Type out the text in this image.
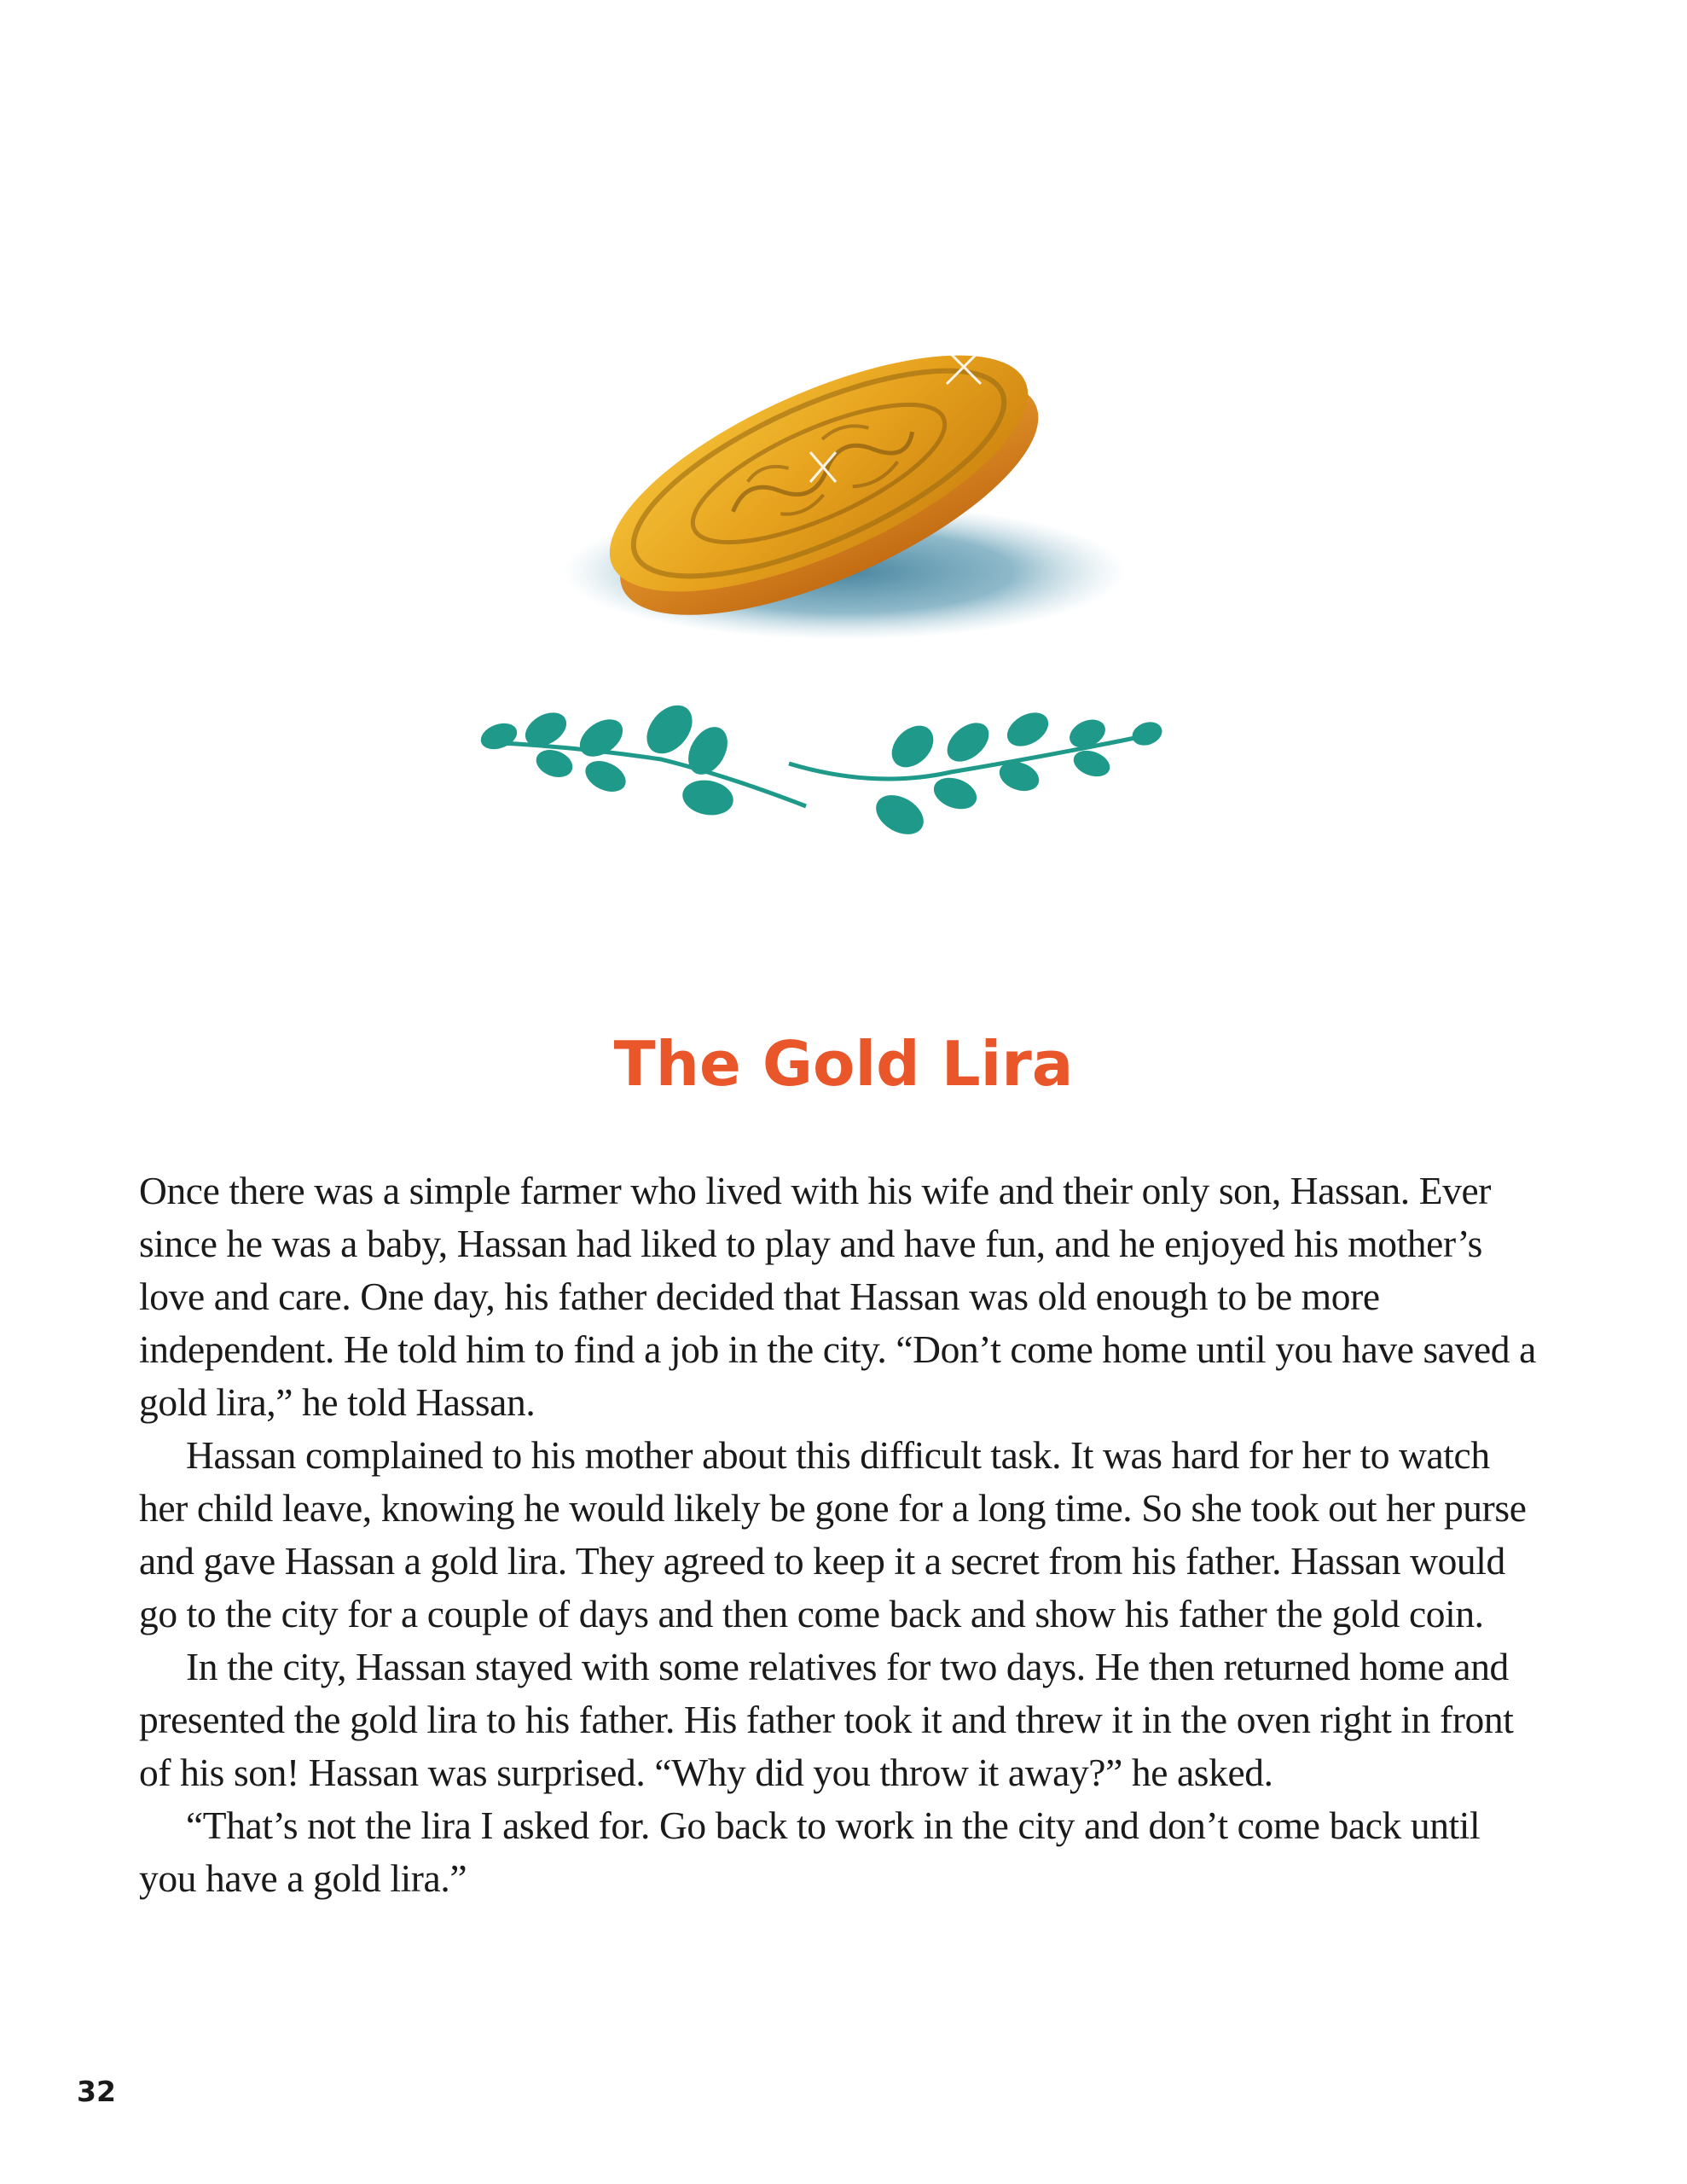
The Gold Lira

Once there was a simple farmer who lived with his wife and their only son, Hassan. Ever since he was a baby, Hassan had liked to play and have fun, and he enjoyed his mother’s love and care. One day, his father decided that Hassan was old enough to be more independent. He told him to find a job in the city. “Don’t come home until you have saved a gold lira,” he told Hassan.

Hassan complained to his mother about this difficult task. It was hard for her to watch her child leave, knowing he would likely be gone for a long time. So she took out her purse and gave Hassan a gold lira. They agreed to keep it a secret from his father. Hassan would go to the city for a couple of days and then come back and show his father the gold coin.

In the city, Hassan stayed with some relatives for two days. He then returned home and presented the gold lira to his father. His father took it and threw it in the oven right in front of his son! Hassan was surprised. “Why did you throw it away?” he asked.

“That’s not the lira I asked for. Go back to work in the city and don’t come back until you have a gold lira.”

32
